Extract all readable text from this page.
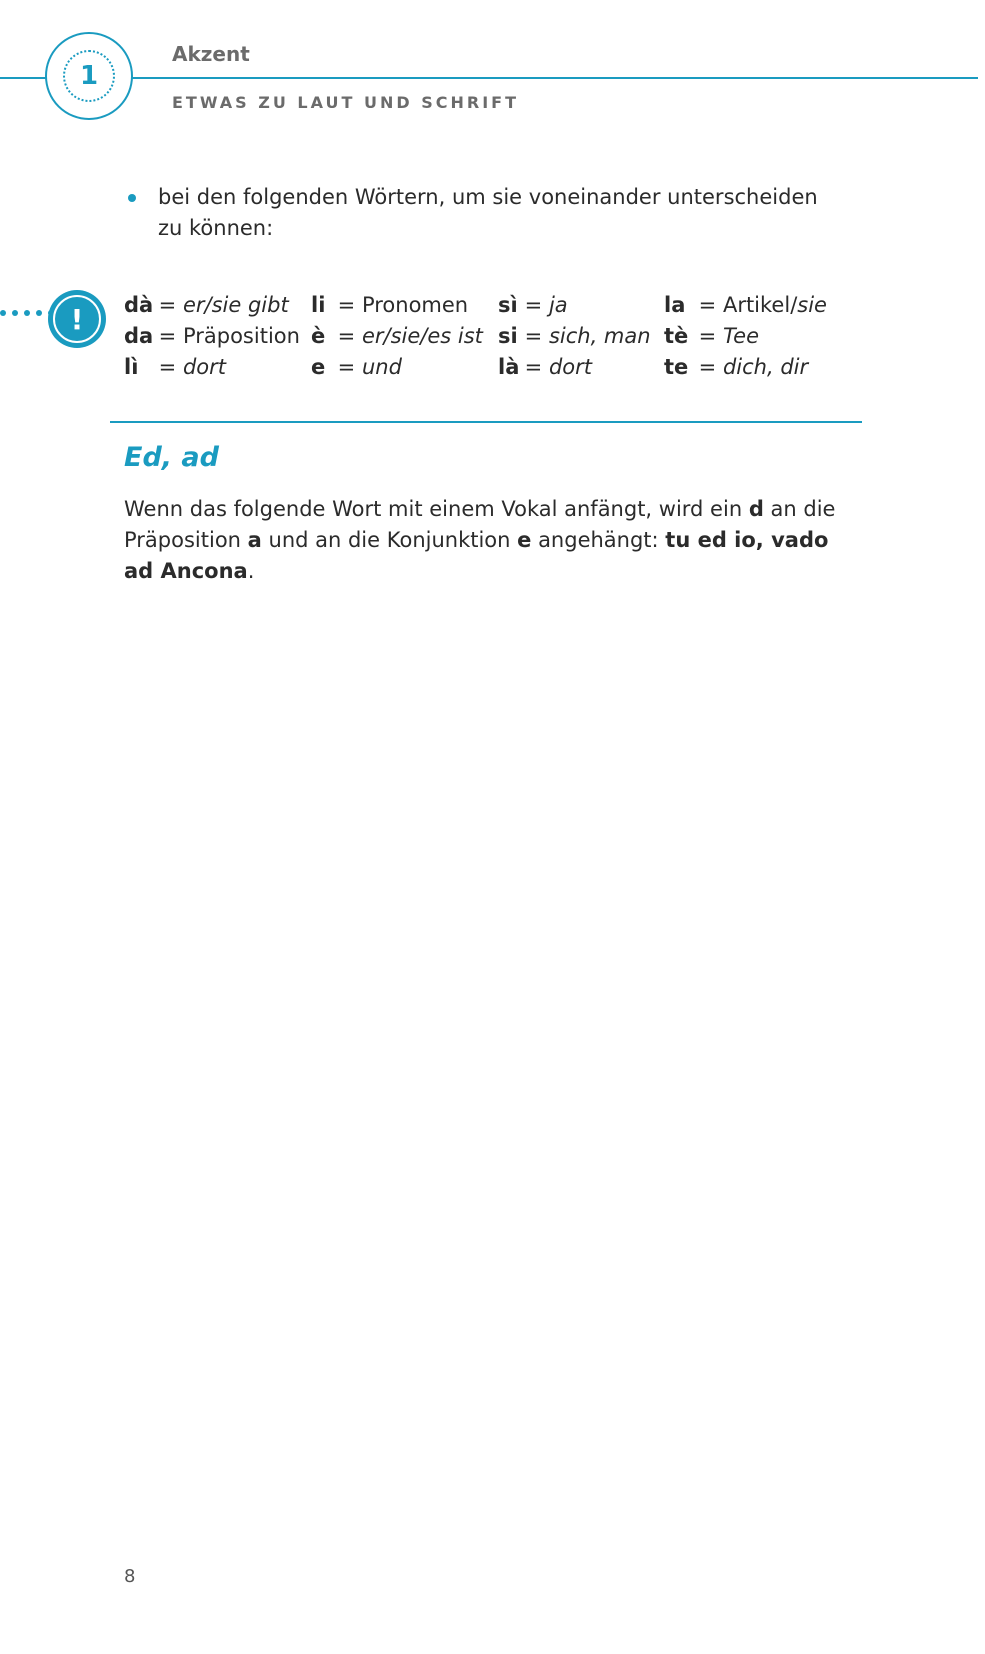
1
Akzent
ETWAS ZU LAUT UND SCHRIFT
bei den folgenden Wörtern, um sie voneinander unterscheiden zu können:
!	dà = er/sie gibt
da = Präposition
lì = dort
li = Pronomen
è = er/sie/es ist
e = und
sì = ja
si = sich, man
là = dort
la = Artikel/sie
tè = Tee
te = dich, dir
Ed, ad
Wenn das folgende Wort mit einem Vokal anfängt, wird ein d an die Präposition a und an die Konjunktion e angehängt: tu ed io, vado ad Ancona.
8
